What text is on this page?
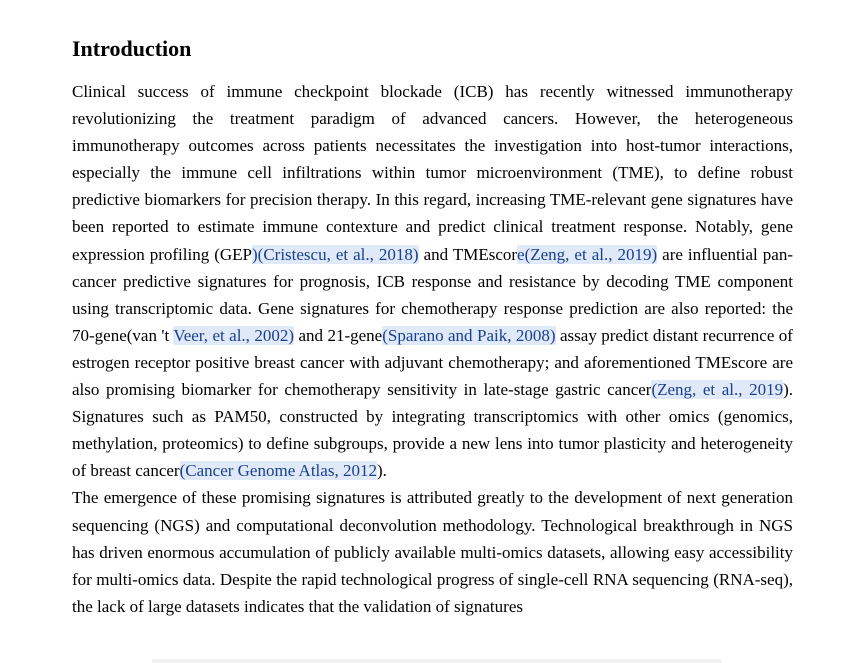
Introduction

Clinical success of immune checkpoint blockade (ICB) has recently witnessed immunotherapy revolutionizing the treatment paradigm of advanced cancers. However, the heterogeneous immunotherapy outcomes across patients necessitates the investigation into host-tumor interactions, especially the immune cell infiltrations within tumor microenvironment (TME), to define robust predictive biomarkers for precision therapy. In this regard, increasing TME-relevant gene signatures have been reported to estimate immune contexture and predict clinical treatment response. Notably, gene expression profiling (GEP)(Cristescu, et al., 2018) and TMEscore(Zeng, et al., 2019) are influential pan-cancer predictive signatures for prognosis, ICB response and resistance by decoding TME component using transcriptomic data. Gene signatures for chemotherapy response prediction are also reported: the 70-gene(van 't Veer, et al., 2002) and 21-gene(Sparano and Paik, 2008) assay predict distant recurrence of estrogen receptor positive breast cancer with adjuvant chemotherapy; and aforementioned TMEscore are also promising biomarker for chemotherapy sensitivity in late-stage gastric cancer(Zeng, et al., 2019). Signatures such as PAM50, constructed by integrating transcriptomics with other omics (genomics, methylation, proteomics) to define subgroups, provide a new lens into tumor plasticity and heterogeneity of breast cancer(Cancer Genome Atlas, 2012).

The emergence of these promising signatures is attributed greatly to the development of next generation sequencing (NGS) and computational deconvolution methodology. Technological breakthrough in NGS has driven enormous accumulation of publicly available multi-omics datasets, allowing easy accessibility for multi-omics data. Despite the rapid technological progress of single-cell RNA sequencing (RNA-seq), the lack of large datasets indicates that the validation of signatures
